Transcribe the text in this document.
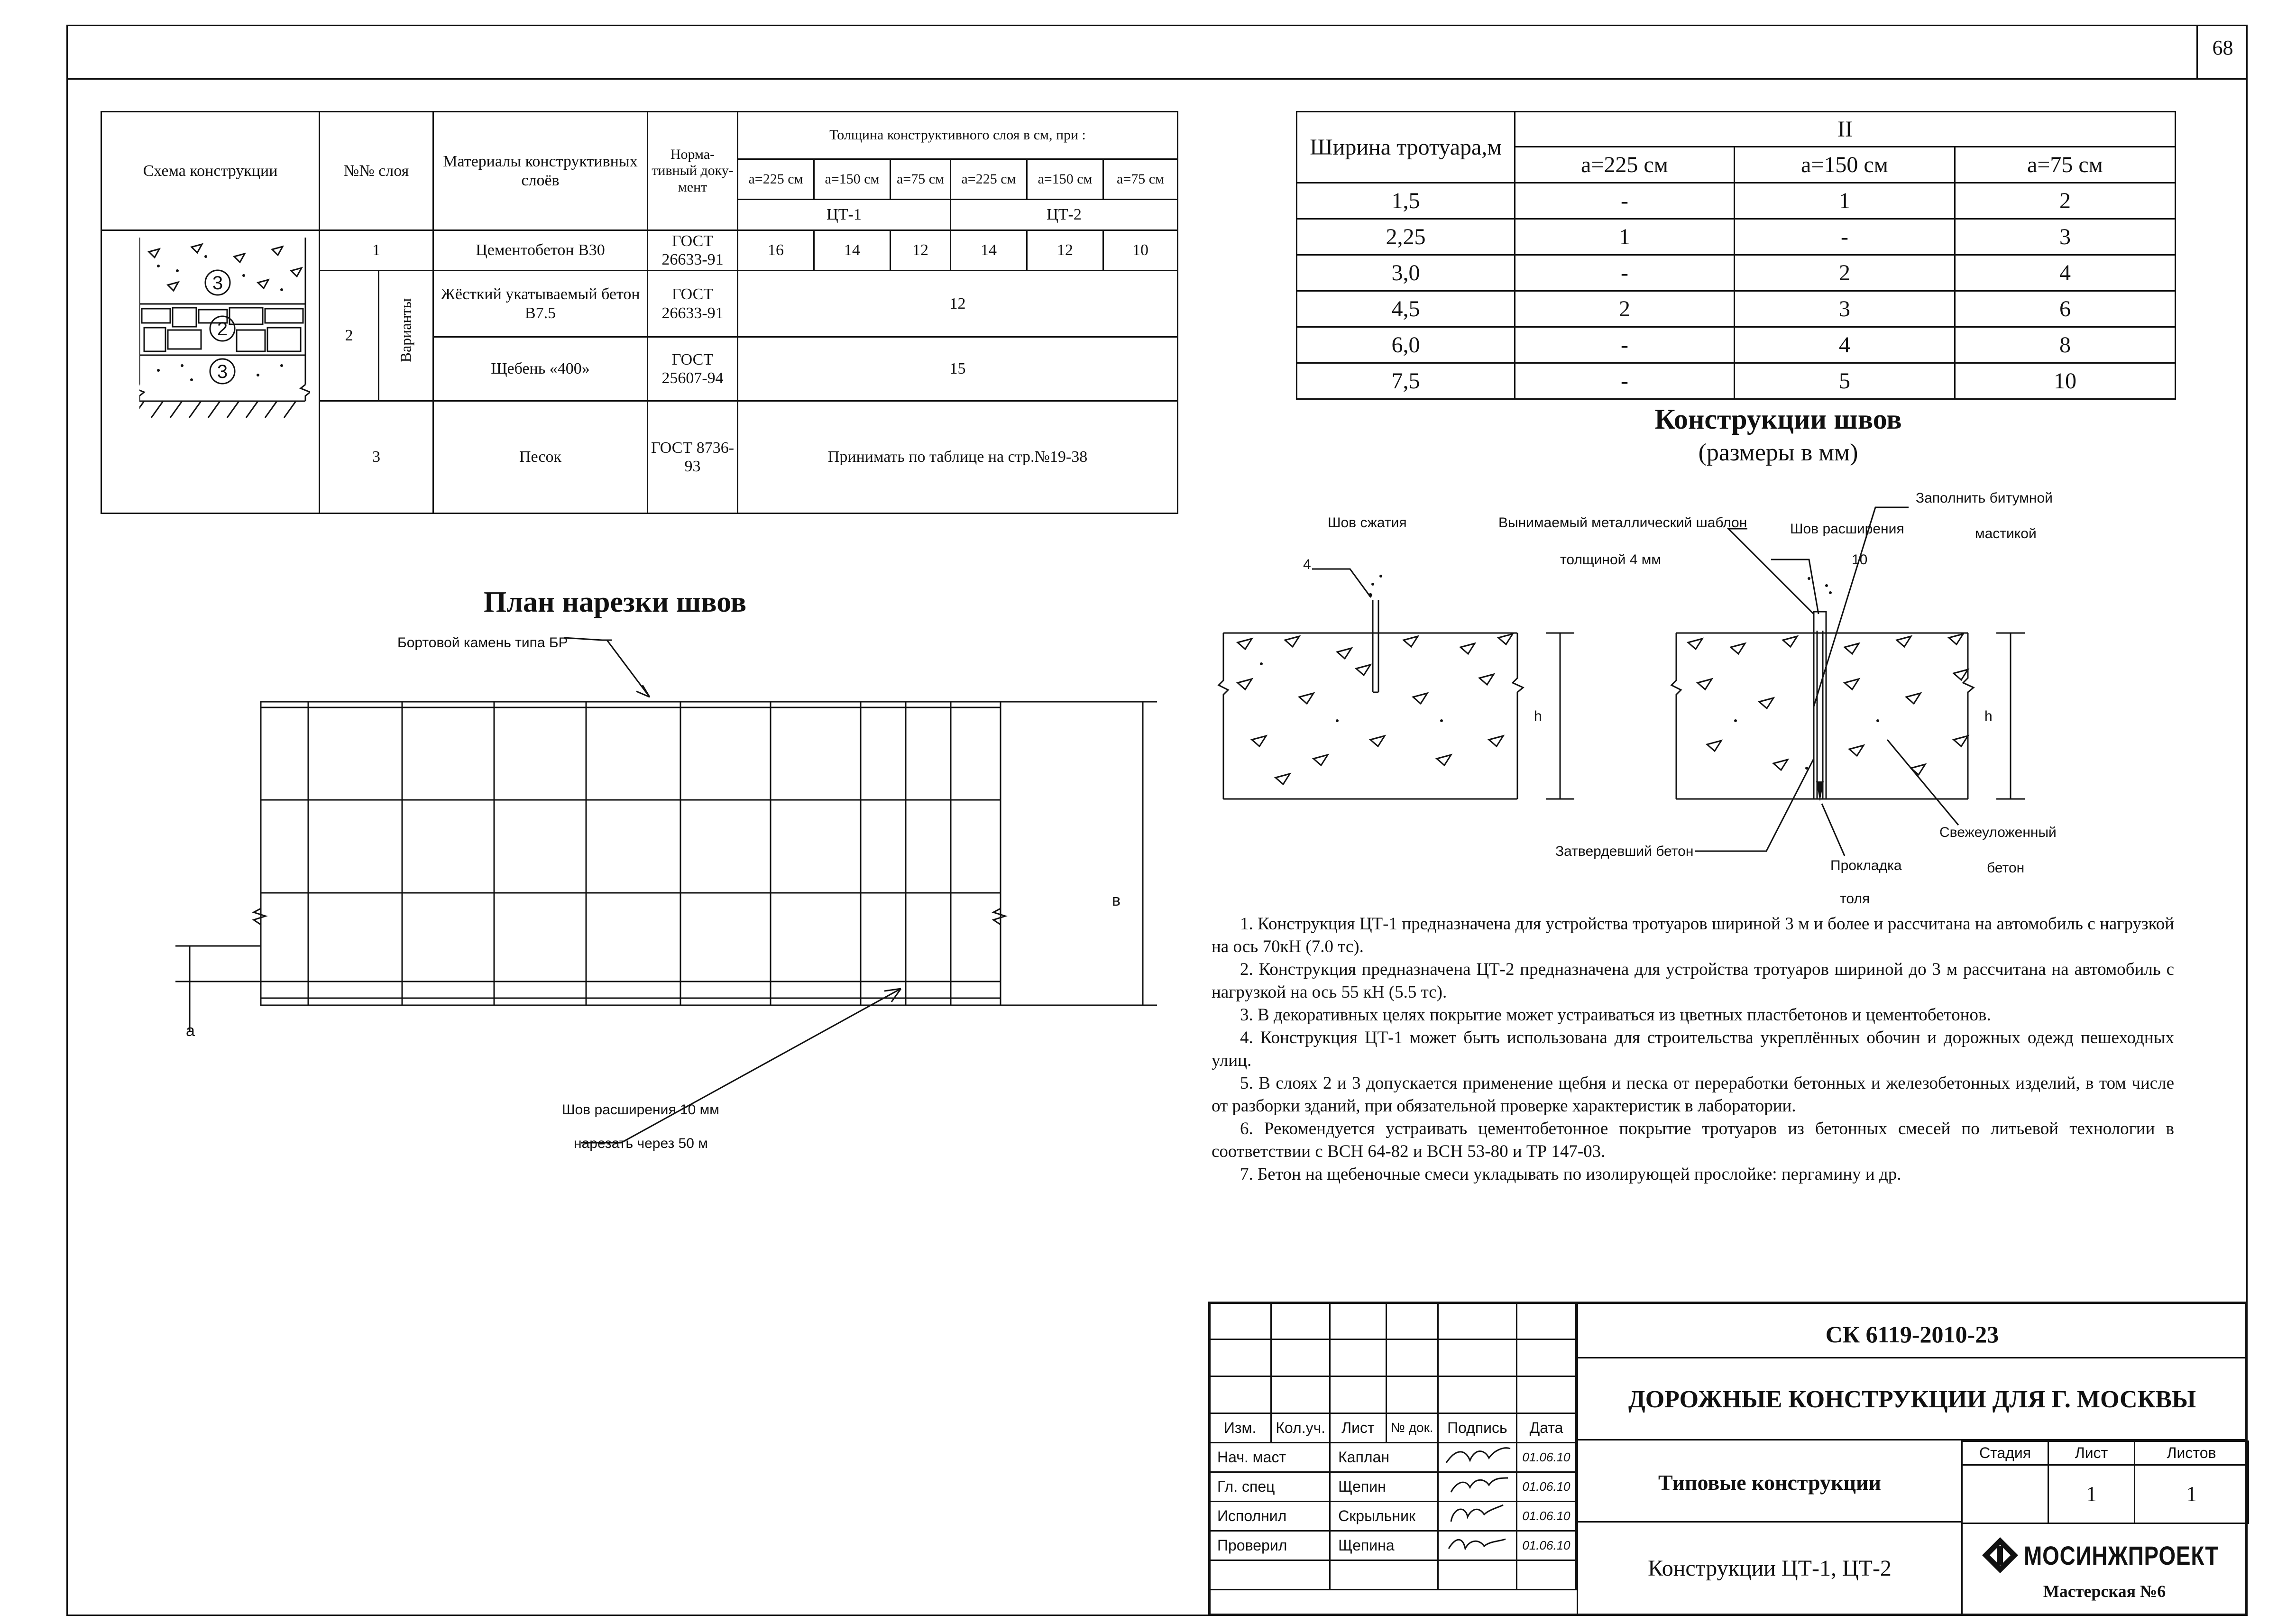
68
Схема конструкции	№№ слоя		Материалы конструктивных слоёв	Норма-тивный доку-мент	Толщина конструктивного слоя в см, при :					
					а=225 см	а=150 см	а=75 см	а=225 см	а=150 см	а=75 см
					ЦТ-1			ЦТ-2		

3
2
3	1		Цементобетон В30	ГОСТ 26633-91	16	14	12	14	12	10
	2	Варианты	Жёсткий укатываемый бетон В7.5	ГОСТ 26633-91	12					
			Щебень «400»	ГОСТ 25607-94	15					
	3		Песок	ГОСТ 8736-93	Принимать по таблице на стр.№19-38					
Ширина тротуара,м	II		
	а=225 см	а=150 см	а=75 см
1,5	-	1	2
2,25	1	-	3
3,0	-	2	4
4,5	2	3	6
6,0	-	4	8
7,5	-	5	10
Конструкции швов
(размеры в мм)
Шов сжатия
4
Вынимаемый металлический шаблон
толщиной 4 мм
Шов расширения
10
Заполнить битумной
мастикой
h	h
Затвердевший бетон
Прокладка
толя
Свежеуложенный
бетон
План нарезки швов
Бортовой камень типа БР
в
а
Шов расширения 10 мм
нарезать через 50 м

1. Конструкция ЦТ-1 предназначена для устройства тротуаров шириной 3 м и более и рассчитана на автомобиль с нагрузкой на ось 70кН (7.0 тс).

2. Конструкция предназначена ЦТ-2 предназначена для устройства тротуаров шириной до 3 м рассчитана на автомобиль с нагрузкой на ось 55 кН (5.5 тс).

3. В декоративных целях покрытие может устраиваться из цветных пластбетонов и цементобетонов.

4. Конструкция ЦТ-1 может быть использована для строительства укреплённых обочин и дорожных одежд пешеходных улиц.

5. В слоях 2 и 3 допускается применение щебня и песка от переработки бетонных и железобетонных изделий, в том числе от разборки зданий, при обязательной проверке характеристик в лаборатории.

6. Рекомендуется устраивать цементобетонное покрытие тротуаров из бетонных смесей по литьевой технологии в соответствии с ВСН 64-82 и ВСН 53-80 и ТР 147-03.

7. Бетон на щебеночные смеси укладывать по изолирующей прослойке: пергамину и др.

Изм.	Кол.уч.	Лист	№ док.	Подпись	Дата
Нач. маст		Каплан			01.06.10
Гл. спец		Щепин			01.06.10
Исполнил		Скрыльник			01.06.10
Проверил		Щепина			01.06.10

СК 6119-2010-23
ДОРОЖНЫЕ КОНСТРУКЦИИ ДЛЯ Г. МОСКВЫ
Типовые конструкции
Стадия	Лист	Листов
	1	1
Конструкции ЦТ-1, ЦТ-2	МОСИНЖПРОЕКТ
Мастерская №6
